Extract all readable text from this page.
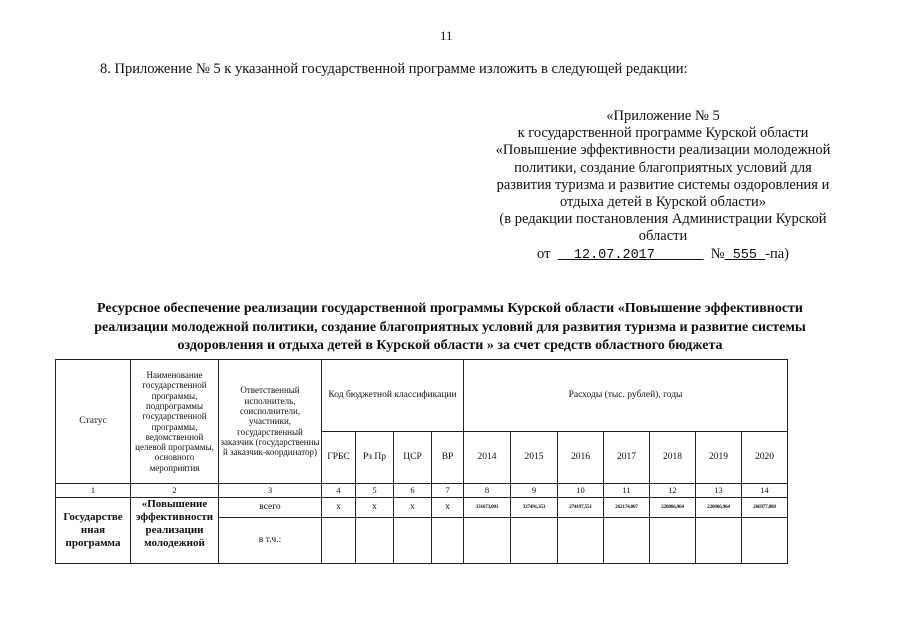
11
8. Приложение № 5 к указанной государственной программе изложить в следующей редакции:
«Приложение № 5
к государственной программе Курской области
«Повышение эффективности реализации молодежной
политики, создание благоприятных условий для
развития туризма и развитие системы оздоровления и
отдыха детей в Курской области»
(в редакции постановления Администрации Курской
области
от 12.07.2017	№ 555 -па)
Ресурсное обеспечение реализации государственной программы Курской области «Повышение эффективности
реализации молодежной политики, создание благоприятных условий для развития туризма и развитие системы
оздоровления и отдыха детей в Курской области » за счет средств областного бюджета
Статус	Наименование государственной программы, подпрограммы государственной программы, ведомственной целевой программы, основного мероприятия	Ответственный исполнитель, соисполнители, участники, государственный заказчик (государственны й заказчик-координатор)	Код бюджетной классификации				Расходы (тыс. рублей), годы						
			ГРБС	Рз Пр	ЦСР	ВР	2014	2015	2016	2017	2018	2019	2020
1	2	3	4	5	6	7	8	9	10	11	12	13	14
Государстве нная программа	«Повышение эффективности реализации молодежной	всего	х	х	х	х	331673,001	327491,353	274197,551	262174,007	220866,964	220866,964	266977,888
		в т.ч.:											
